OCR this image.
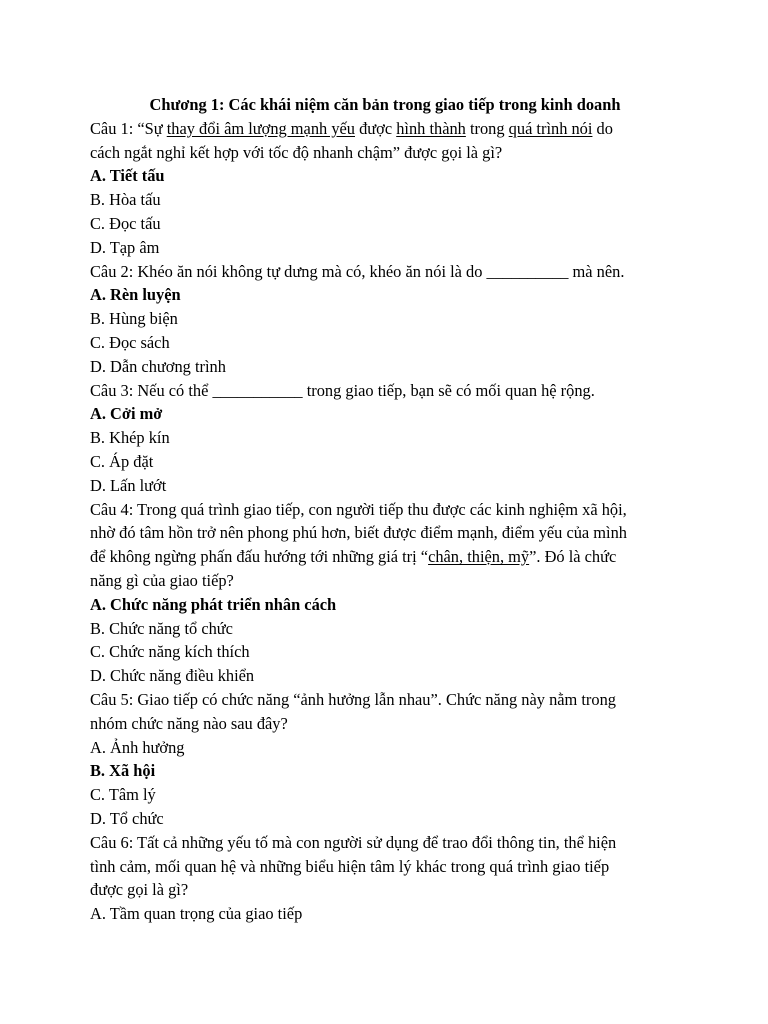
Chương 1: Các khái niệm căn bản trong giao tiếp trong kinh doanh

Câu 1: “Sự thay đổi âm lượng mạnh yếu được hình thành trong quá trình nói do

cách ngắt nghỉ kết hợp với tốc độ nhanh chậm” được gọi là gì?

A. Tiết tấu

B. Hòa tấu

C. Đọc tấu

D. Tạp âm

Câu 2: Khéo ăn nói không tự dưng mà có, khéo ăn nói là do __________ mà nên.

A. Rèn luyện

B. Hùng biện

C. Đọc sách

D. Dẫn chương trình

Câu 3: Nếu có thể ___________ trong giao tiếp, bạn sẽ có mối quan hệ rộng.

A. Cởi mở

B. Khép kín

C. Áp đặt

D. Lấn lướt

Câu 4: Trong quá trình giao tiếp, con người tiếp thu được các kinh nghiệm xã hội,

nhờ đó tâm hồn trở nên phong phú hơn, biết được điểm mạnh, điểm yếu của mình

để không ngừng phấn đấu hướng tới những giá trị “chân, thiện, mỹ”. Đó là chức

năng gì của giao tiếp?

A. Chức năng phát triển nhân cách

B. Chức năng tổ chức

C. Chức năng kích thích

D. Chức năng điều khiển

Câu 5: Giao tiếp có chức năng “ảnh hưởng lẫn nhau”. Chức năng này nằm trong

nhóm chức năng nào sau đây?

A. Ảnh hưởng

B. Xã hội

C. Tâm lý

D. Tổ chức

Câu 6: Tất cả những yếu tố mà con người sử dụng để trao đổi thông tin, thể hiện

tình cảm, mối quan hệ và những biểu hiện tâm lý khác trong quá trình giao tiếp

được gọi là gì?

A. Tầm quan trọng của giao tiếp
